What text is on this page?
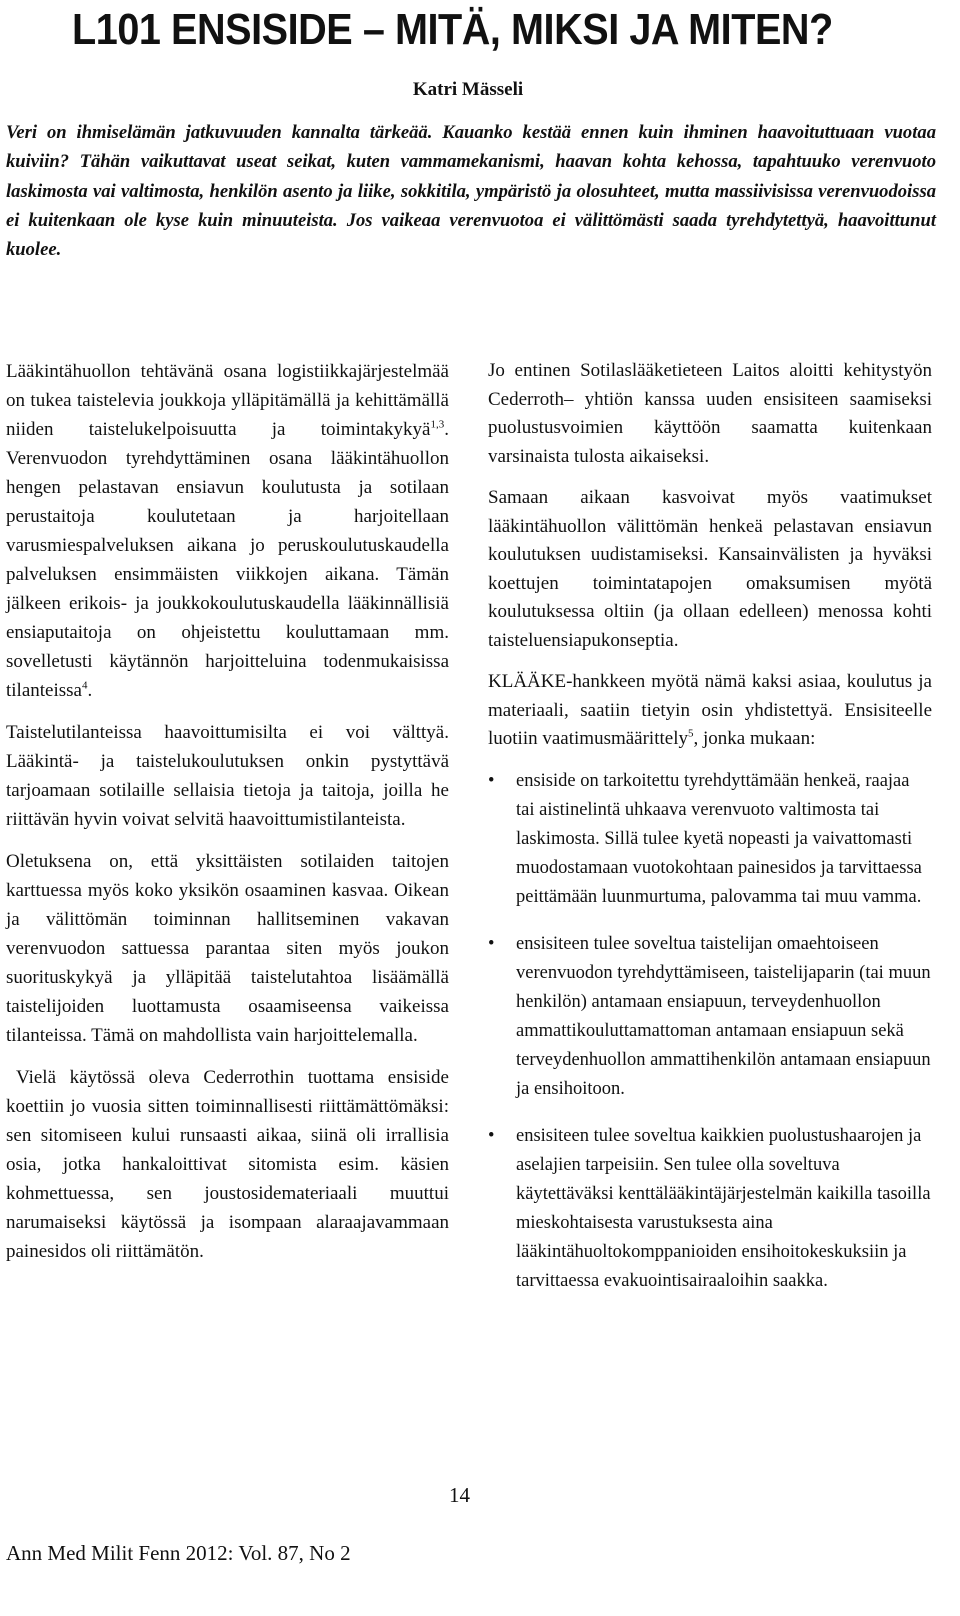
L101 ENSISIDE – MITÄ, MIKSI JA MITEN?
Katri Mässeli

Veri on ihmiselämän jatkuvuuden kannalta tärkeää. Kauanko kestää ennen kuin ihminen haavoituttuaan vuotaa kuiviin? Tähän vaikuttavat useat seikat, kuten vammamekanismi, haavan kohta kehossa, tapahtuuko verenvuoto laskimosta vai valtimosta, henkilön asento ja liike, sokkitila, ympäristö ja olosuhteet, mutta massiivisissa verenvuodoissa ei kuitenkaan ole kyse kuin minuuteista. Jos vaikeaa verenvuotoa ei välittömästi saada tyrehdytettyä, haavoittunut kuolee.

Lääkintähuollon tehtävänä osana logistiikkajärjestelmää on tukea taistelevia joukkoja ylläpitämällä ja kehittämällä niiden taistelukelpoisuutta ja toimintakykyä$^{1,3}$. Verenvuodon tyrehdyttäminen osana lääkintähuollon hengen pelastavan ensiavun koulutusta ja sotilaan perustaitoja koulutetaan ja harjoitellaan varusmiespalveluksen aikana jo peruskoulutuskaudella palveluksen ensimmäisten viikkojen aikana. Tämän jälkeen erikois- ja joukkokoulutuskaudella lääkinnällisiä ensiaputaitoja on ohjeistettu kouluttamaan mm. sovelletusti käytännön harjoitteluina todenmukaisissa tilanteissa$^4$.

Taistelutilanteissa haavoittumisilta ei voi välttyä. Lääkintä- ja taistelukoulutuksen onkin pystyttävä tarjoamaan sotilaille sellaisia tietoja ja taitoja, joilla he riittävän hyvin voivat selvitä haavoittumistilanteista.

Oletuksena on, että yksittäisten sotilaiden taitojen karttuessa myös koko yksikön osaaminen kasvaa. Oikean ja välittömän toiminnan hallitseminen vakavan verenvuodon sattuessa parantaa siten myös joukon suorituskykyä ja ylläpitää taistelutahtoa lisäämällä taistelijoiden luottamusta osaamiseensa vaikeissa tilanteissa. Tämä on mahdollista vain harjoittelemalla.

Vielä käytössä oleva Cederrothin tuottama ensiside koettiin jo vuosia sitten toiminnallisesti riittämättömäksi: sen sitomiseen kului runsaasti aikaa, siinä oli irrallisia osia, jotka hankaloittivat sitomista esim. käsien kohmettuessa, sen joustosidemateriaali muuttui narumaiseksi käytössä ja isompaan alaraajavammaan painesidos oli riittämätön.

Jo entinen Sotilaslääketieteen Laitos aloitti kehitystyön Cederroth– yhtiön kanssa uuden ensisiteen saamiseksi puolustusvoimien käyttöön saamatta kuitenkaan varsinaista tulosta aikaiseksi.

Samaan aikaan kasvoivat myös vaatimukset lääkintähuollon välittömän henkeä pelastavan ensiavun koulutuksen uudistamiseksi. Kansainvälisten ja hyväksi koettujen toimintatapojen omaksumisen myötä koulutuksessa oltiin (ja ollaan edelleen) menossa kohti taisteluensiapukonseptia.

KLÄÄKE-hankkeen myötä nämä kaksi asiaa, koulutus ja materiaali, saatiin tietyin osin yhdistettyä. Ensisiteelle luotiin vaatimusmäärittely$^5$, jonka mukaan:

• ensiside on tarkoitettu tyrehdyttämään henkeä, raajaa tai aistinelintä uhkaava verenvuoto valtimosta tai laskimosta. Sillä tulee kyetä nopeasti ja vaivattomasti muodostamaan vuotokohtaan painesidos ja tarvittaessa peittämään luunmurtuma, palovamma tai muu vamma.
• ensisiteen tulee soveltua taistelijan omaehtoiseen verenvuodon tyrehdyttämiseen, taistelijaparin (tai muun henkilön) antamaan ensiapuun, terveydenhuollon ammattikouluttamattoman antamaan ensiapuun sekä terveydenhuollon ammattihenkilön antamaan ensiapuun ja ensihoitoon.
• ensisiteen tulee soveltua kaikkien puolustushaarojen ja aselajien tarpeisiin. Sen tulee olla soveltuva käytettäväksi kenttälääkintäjärjestelmän kaikilla tasoilla mieskohtaisesta varustuksesta aina lääkintähuoltokomppanioiden ensihoitokeskuksiin ja tarvittaessa evakuointisairaaloihin saakka.
14
Ann Med Milit Fenn 2012: Vol. 87, No 2
